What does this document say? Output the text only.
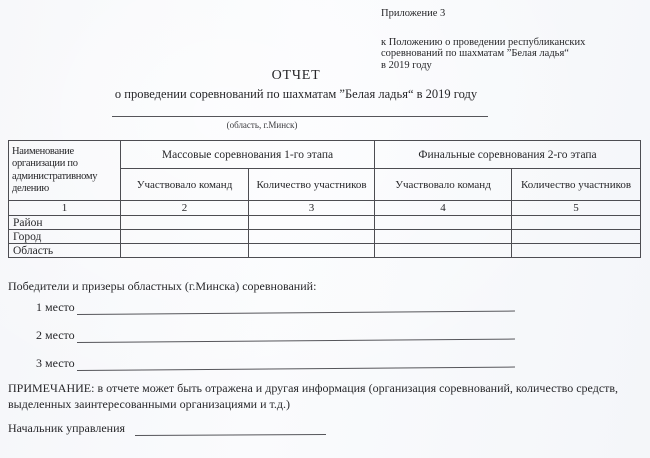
Приложение 3
к Положению о проведении республиканских
соревнований по шахматам ”Белая ладья“
в 2019 году
ОТЧЕТ
о проведении соревнований по шахматам ”Белая ладья“ в 2019 году
(область, г.Минск)
Наименование организации по административному делению	Массовые соревнования 1-го этапа		Финальные соревнования 2-го этапа	
	Участвовало команд	Количество участников	Участвовало команд	Количество участников
1	2	3	4	5
Район				
Город				
Область				
Победители и призеры областных (г.Минска) соревнований:
1 место
2 место
3 место
ПРИМЕЧАНИЕ: в отчете может быть отражена и другая информация (организация соревнований, количество средств, выделенных заинтересованными организациями и т.д.)
Начальник управления
